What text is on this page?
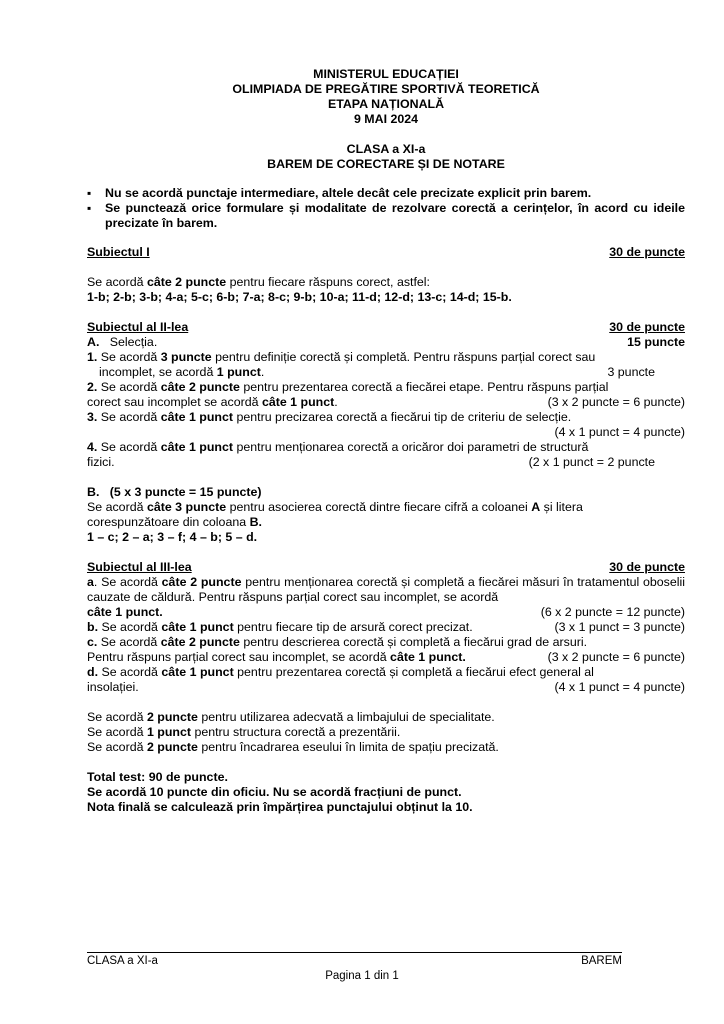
MINISTERUL EDUCAȚIEI
OLIMPIADA DE PREGĂTIRE SPORTIVĂ TEORETICĂ
ETAPA NAȚIONALĂ
9 MAI 2024
CLASA a XI-a
BAREM DE CORECTARE ȘI DE NOTARE
▪ Nu se acordă punctaje intermediare, altele decât cele precizate explicit prin barem.
▪ Se punctează orice formulare și modalitate de rezolvare corectă a cerințelor, în acord cu ideile precizate în barem.
Subiectul I	30 de puncte
Se acordă câte 2 puncte pentru fiecare răspuns corect, astfel:
1-b; 2-b; 3-b; 4-a; 5-c; 6-b; 7-a; 8-c; 9-b; 10-a; 11-d; 12-d; 13-c; 14-d; 15-b.
Subiectul al II-lea	30 de puncte
A. Selecția.	15 puncte
1. Se acordă 3 puncte pentru definiție corectă și completă. Pentru răspuns parțial corect sau
incomplet, se acordă 1 punct.	3 puncte
2. Se acordă câte 2 puncte pentru prezentarea corectă a fiecărei etape. Pentru răspuns parțial
corect sau incomplet se acordă câte 1 punct.	(3 x 2 puncte = 6 puncte)
3. Se acordă câte 1 punct pentru precizarea corectă a fiecărui tip de criteriu de selecție.
(4 x 1 punct = 4 puncte)
4. Se acordă câte 1 punct pentru menționarea corectă a oricăror doi parametri de structură
fizici.	(2 x 1 punct = 2 puncte
B. (5 x 3 puncte = 15 puncte)
Se acordă câte 3 puncte pentru asocierea corectă dintre fiecare cifră a coloanei A și litera
corespunzătoare din coloana B.
1 – c; 2 – a; 3 – f; 4 – b; 5 – d.
Subiectul al III-lea	30 de puncte
a. Se acordă câte 2 puncte pentru menționarea corectă și completă a fiecărei măsuri în tratamentul oboselii cauzate de căldură. Pentru răspuns parțial corect sau incomplet, se acordă
câte 1 punct.	(6 x 2 puncte = 12 puncte)
b. Se acordă câte 1 punct pentru fiecare tip de arsură corect precizat.	(3 x 1 punct = 3 puncte)
c. Se acordă câte 2 puncte pentru descrierea corectă și completă a fiecărui grad de arsuri.
Pentru răspuns parțial corect sau incomplet, se acordă câte 1 punct.	(3 x 2 puncte = 6 puncte)
d. Se acordă câte 1 punct pentru prezentarea corectă și completă a fiecărui efect general al
insolației.	(4 x 1 punct = 4 puncte)
Se acordă 2 puncte pentru utilizarea adecvată a limbajului de specialitate.
Se acordă 1 punct pentru structura corectă a prezentării.
Se acordă 2 puncte pentru încadrarea eseului în limita de spațiu precizată.
Total test: 90 de puncte.
Se acordă 10 puncte din oficiu. Nu se acordă fracțiuni de punct.
Nota finală se calculează prin împărțirea punctajului obținut la 10.
CLASA a XI-a	BAREM
Pagina 1 din 1
